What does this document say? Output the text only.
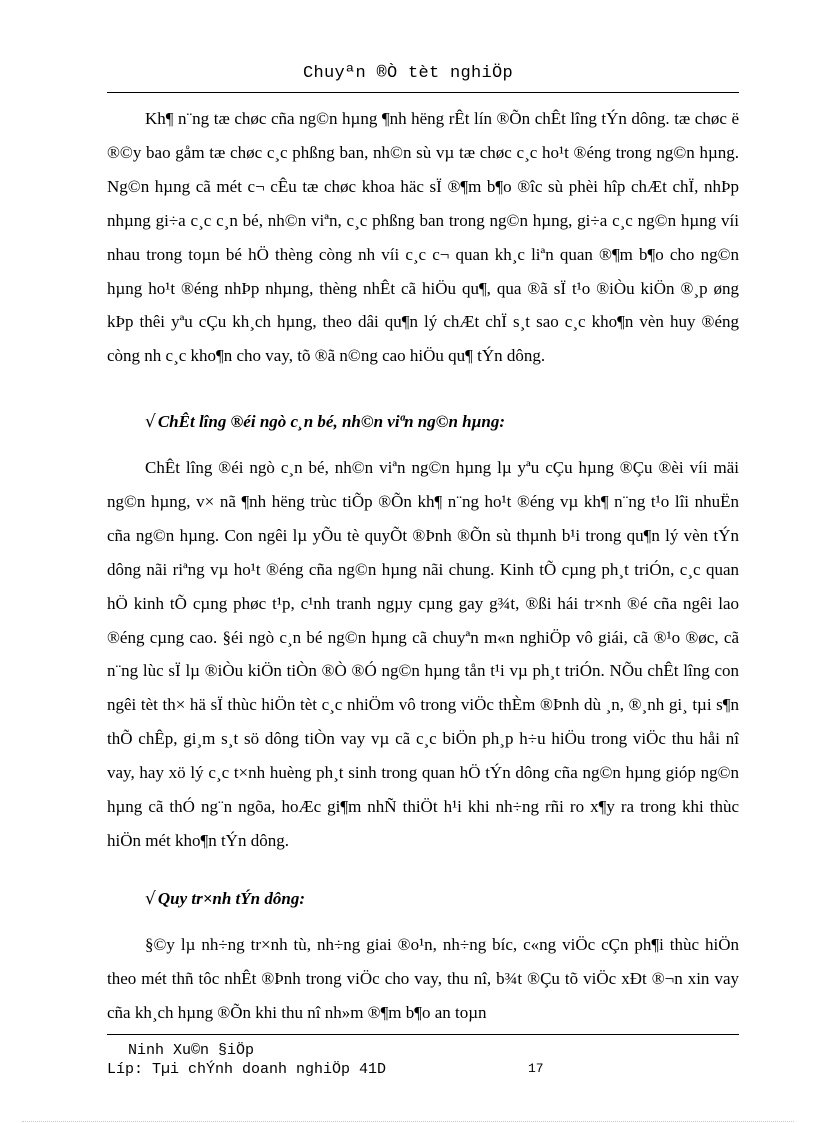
Chuyªn ®Ò tèt nghiÖp

Kh¶ n¨ng tæ chøc cña ng©n hµng ¶nh hëng rÊt lín ®Õn chÊt lîng tÝn dông. tæ chøc ë ®©y bao gåm tæ chøc c¸c phßng ban, nh©n sù vµ tæ chøc c¸c ho¹t ®éng trong ng©n hµng. Ng©n hµng cã mét c¬ cÊu tæ chøc khoa häc sÏ ®¶m b¶o ®îc sù phèi hîp chÆt chÏ, nhÞp nhµng gi÷a c¸c c¸n bé, nh©n viªn, c¸c phßng ban trong ng©n hµng, gi÷a c¸c ng©n hµng víi nhau trong toµn bé hÖ thèng còng nh víi c¸c c¬ quan kh¸c liªn quan ®¶m b¶o cho ng©n hµng ho¹t ®éng nhÞp nhµng, thèng nhÊt cã hiÖu qu¶, qua ®ã sÏ t¹o ®iÒu kiÖn ®¸p øng kÞp thêi yªu cÇu kh¸ch hµng, theo dâi qu¶n lý chÆt chÏ s¸t sao c¸c kho¶n vèn huy ®éng còng nh c¸c kho¶n cho vay, tõ ®ã n©ng cao hiÖu qu¶ tÝn dông.

√ ChÊt lîng ®éi ngò c¸n bé, nh©n viªn ng©n hµng:

ChÊt lîng ®éi ngò c¸n bé, nh©n viªn ng©n hµng lµ yªu cÇu hµng ®Çu ®èi víi mäi ng©n hµng, v× nã ¶nh hëng trùc tiÕp ®Õn kh¶ n¨ng ho¹t ®éng vµ kh¶ n¨ng t¹o lîi nhuËn cña ng©n hµng. Con ngêi lµ yÕu tè quyÕt ®Þnh ®Õn sù thµnh b¹i trong qu¶n lý vèn tÝn dông nãi riªng vµ ho¹t ®éng cña ng©n hµng nãi chung. Kinh tÕ cµng ph¸t triÓn, c¸c quan hÖ kinh tÕ cµng phøc t¹p, c¹nh tranh ngµy cµng gay g¾t, ®ßi hái tr×nh ®é cña ngêi lao ®éng cµng cao. §éi ngò c¸n bé ng©n hµng cã chuyªn m«n nghiÖp vô giái, cã ®¹o ®øc, cã n¨ng lùc sÏ lµ ®iÒu kiÖn tiÒn ®Ò ®Ó ng©n hµng tån t¹i vµ ph¸t triÓn. NÕu chÊt lîng con ngêi tèt th× hä sÏ thùc hiÖn tèt c¸c nhiÖm vô trong viÖc thÈm ®Þnh dù ¸n, ®¸nh gi¸ tµi s¶n thÕ chÊp, gi¸m s¸t sö dông tiÒn vay vµ cã c¸c biÖn ph¸p h÷u hiÖu trong viÖc thu håi nî vay, hay xö lý c¸c t×nh huèng ph¸t sinh trong quan hÖ tÝn dông cña ng©n hµng gióp ng©n hµng cã thÓ ng¨n ngõa, hoÆc gi¶m nhÑ thiÖt h¹i khi nh÷ng rñi ro x¶y ra trong khi thùc hiÖn mét kho¶n tÝn dông.

√ Quy tr×nh tÝn dông:

§©y lµ nh÷ng tr×nh tù, nh÷ng giai ®o¹n, nh÷ng bíc, c«ng viÖc cÇn ph¶i thùc hiÖn theo mét thñ tôc nhÊt ®Þnh trong viÖc cho vay, thu nî, b¾t ®Çu tõ viÖc xÐt ®¬n xin vay cña kh¸ch hµng ®Õn khi thu nî nh»m ®¶m b¶o an toµn

Ninh Xu©n §iÖp
Líp: Tµi chÝnh doanh nghiÖp 41D	17
